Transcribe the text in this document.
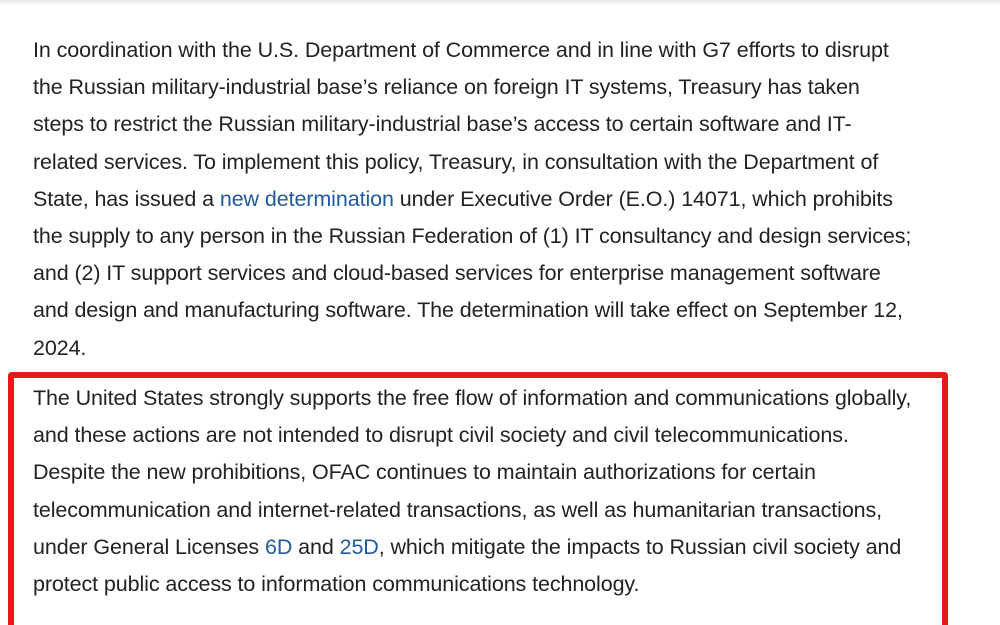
In coordination with the U.S. Department of Commerce and in line with G7 efforts to disrupt the Russian military-industrial base’s reliance on foreign IT systems, Treasury has taken steps to restrict the Russian military-industrial base’s access to certain software and IT-related services. To implement this policy, Treasury, in consultation with the Department of State, has issued a new determination under Executive Order (E.O.) 14071, which prohibits the supply to any person in the Russian Federation of (1) IT consultancy and design services; and (2) IT support services and cloud-based services for enterprise management software and design and manufacturing software. The determination will take effect on September 12, 2024.

The United States strongly supports the free flow of information and communications globally, and these actions are not intended to disrupt civil society and civil telecommunications. Despite the new prohibitions, OFAC continues to maintain authorizations for certain telecommunication and internet-related transactions, as well as humanitarian transactions, under General Licenses 6D and 25D, which mitigate the impacts to Russian civil society and protect public access to information communications technology.
